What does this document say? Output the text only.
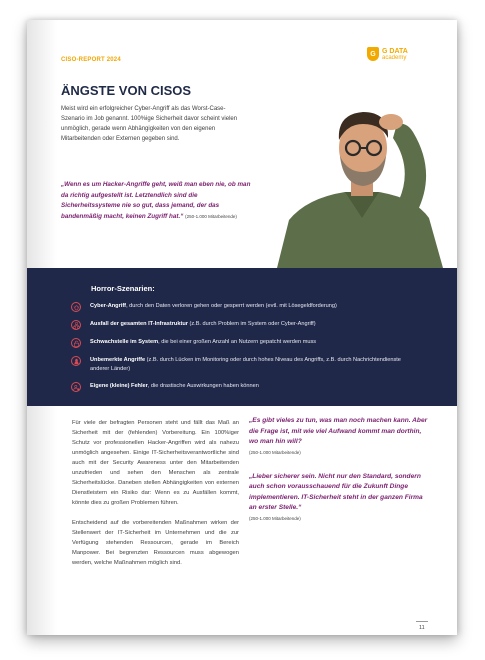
CISO-REPORT 2024
G G DATA
academy
ÄNGSTE VON CISOS
Meist wird ein erfolgreicher Cyber-Angriff als das Worst-Case-Szenario im Job genannt. 100%ige Sicherheit davor scheint vielen unmöglich, gerade wenn Abhängigkeiten von den eigenen Mitarbeitenden oder Externen gegeben sind.
„Wenn es um Hacker-Angriffe geht, weiß man eben nie, ob man da richtig aufgestellt ist. Letztendlich sind die Sicherheitssysteme nie so gut, dass jemand, der das bandenmäßig macht, keinen Zugriff hat.“ (250-1.000 Mitarbeitende)
Horror-Szenarien:
Cyber-Angriff, durch den Daten verloren gehen oder gesperrt werden (evtl. mit Lösegeldforderung)
Ausfall der gesamten IT-Infrastruktur (z.B. durch Problem im System oder Cyber-Angriff)
Schwachstelle im System, die bei einer großen Anzahl an Nutzern gepatcht werden muss
Unbemerkte Angriffe (z.B. durch Lücken im Monitoring oder durch hohes Niveau des Angriffs, z.B. durch Nachrichtendienste anderer Länder)
Eigene (kleine) Fehler, die drastische Auswirkungen haben können

Für viele der befragten Personen steht und fällt das Maß an Sicherheit mit der (fehlenden) Vorbereitung. Ein 100%iger Schutz vor professionellen Hacker-Angriffen wird als nahezu unmöglich angesehen. Einige IT-Sicherheitsverantwortliche sind auch mit der Security Awareness unter den Mitarbeitenden unzufrieden und sehen den Menschen als zentrale Sicherheitslücke. Daneben stellen Abhängigkeiten von externen Dienstleistern ein Risiko dar: Wenn es zu Ausfällen kommt, könnte dies zu großen Problemen führen.

Entscheidend auf die vorbereitenden Maßnahmen wirken der Stellenwert der IT-Sicherheit im Unternehmen und die zur Verfügung stehenden Ressourcen, gerade im Bereich Manpower. Bei begrenzten Ressourcen muss abgewogen werden, welche Maßnahmen möglich sind.

„Es gibt vieles zu tun, was man noch machen kann. Aber die Frage ist, mit wie viel Aufwand kommt man dorthin, wo man hin will?
(250-1.000 Mitarbeitende)
„Lieber sicherer sein. Nicht nur den Standard, sondern auch schon vorausschauend für die Zukunft Dinge implementieren. IT-Sicherheit steht in der ganzen Firma an erster Stelle.“
(250-1.000 Mitarbeitende)
11
